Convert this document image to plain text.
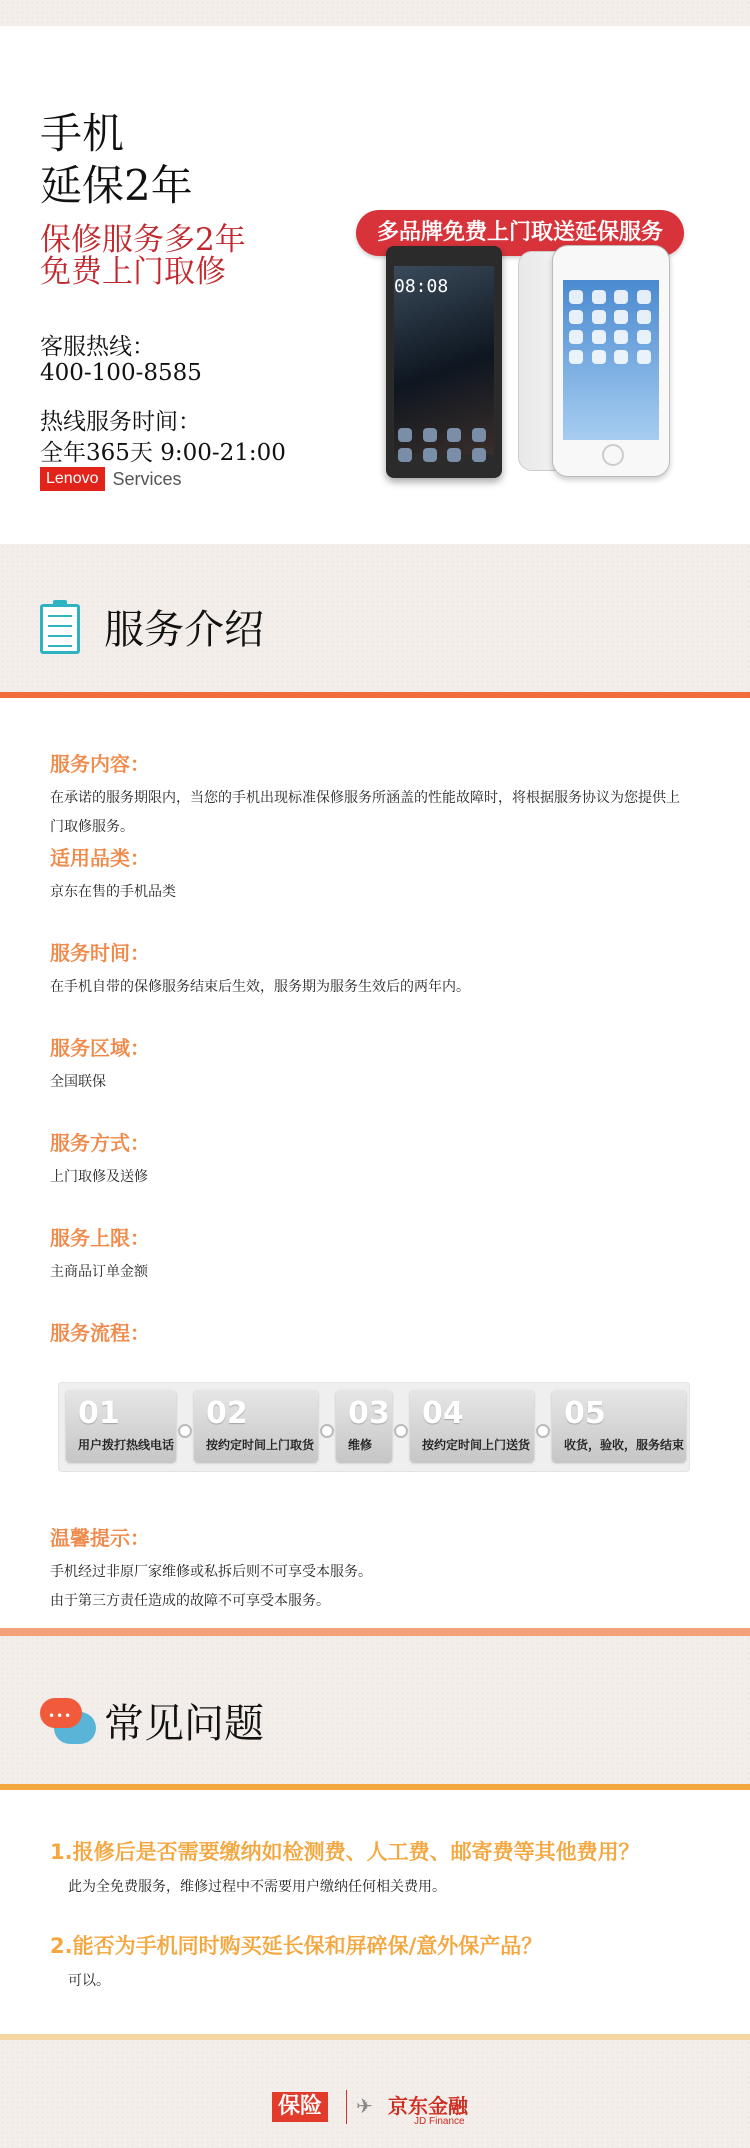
手机
延保2年
保修服务多2年
免费上门取修
客服热线：
400-100-8585
热线服务时间：
全年365天 9:00-21:00
Lenovo Services
多品牌免费上门取送延保服务
08:08
服务介绍
服务内容：
在承诺的服务期限内，当您的手机出现标准保修服务所涵盖的性能故障时，将根据服务协议为您提供上门取修服务。
适用品类：
京东在售的手机品类
服务时间：
在手机自带的保修服务结束后生效，服务期为服务生效后的两年内。
服务区域：
全国联保
服务方式：
上门取修及送修
服务上限：
主商品订单金额
服务流程：
01
用户拨打热线电话
02
按约定时间上门取货
03
维修
04
按约定时间上门送货
05
收货，验收，服务结束
温馨提示：
手机经过非原厂家维修或私拆后则不可享受本服务。
由于第三方责任造成的故障不可享受本服务。
••• 常见问题
1.报修后是否需要缴纳如检测费、人工费、邮寄费等其他费用？
此为全免费服务，维修过程中不需要用户缴纳任何相关费用。
2.能否为手机同时购买延长保和屏碎保/意外保产品？
可以。
保险	✈ 京东金融
JD Finance
